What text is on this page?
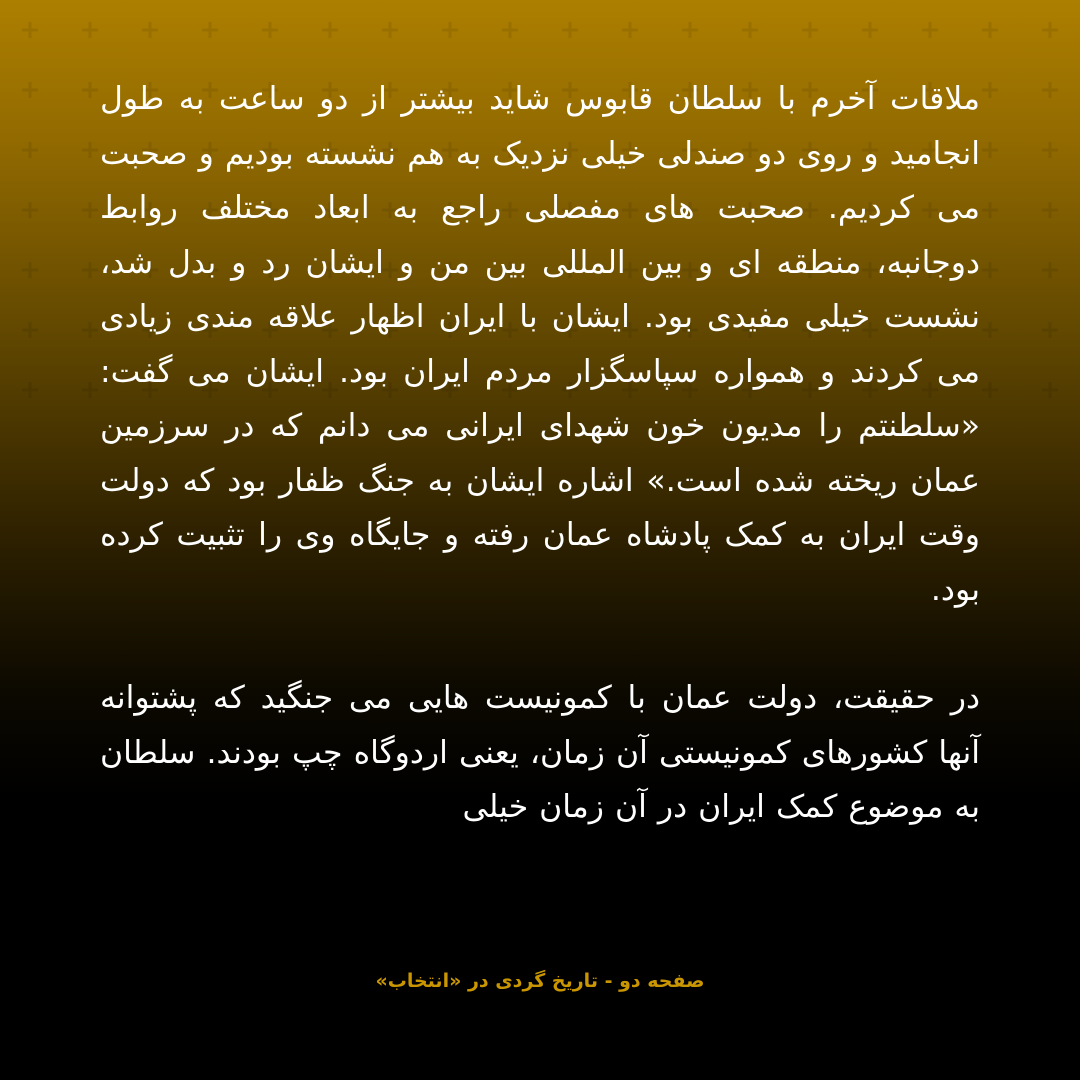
ملاقات آخرم با سلطان قابوس شاید بیشتر از دو ساعت به طول انجامید و روی دو صندلی خیلی نزدیک به هم نشسته بودیم و صحبت می کردیم. صحبت های مفصلی راجع به ابعاد مختلف روابط دوجانبه، منطقه ای و بین المللی بین من و ایشان رد و بدل شد، نشست خیلی مفیدی بود. ایشان با ایران اظهار علاقه مندی زیادی می کردند و همواره سپاسگزار مردم ایران بود. ایشان می گفت: «سلطنتم را مدیون خون شهدای ایرانی می دانم که در سرزمین عمان ریخته شده است.» اشاره ایشان به جنگ ظفار بود که دولت وقت ایران به کمک پادشاه عمان رفته و جایگاه وی را تثبیت کرده بود.

در حقیقت، دولت عمان با کمونیست هایی می جنگید که پشتوانه آنها کشورهای کمونیستی آن زمان، یعنی اردوگاه چپ بودند. سلطان به موضوع کمک ایران در آن زمان خیلی

صفحه دو - تاریخ گردی در «انتخاب»
